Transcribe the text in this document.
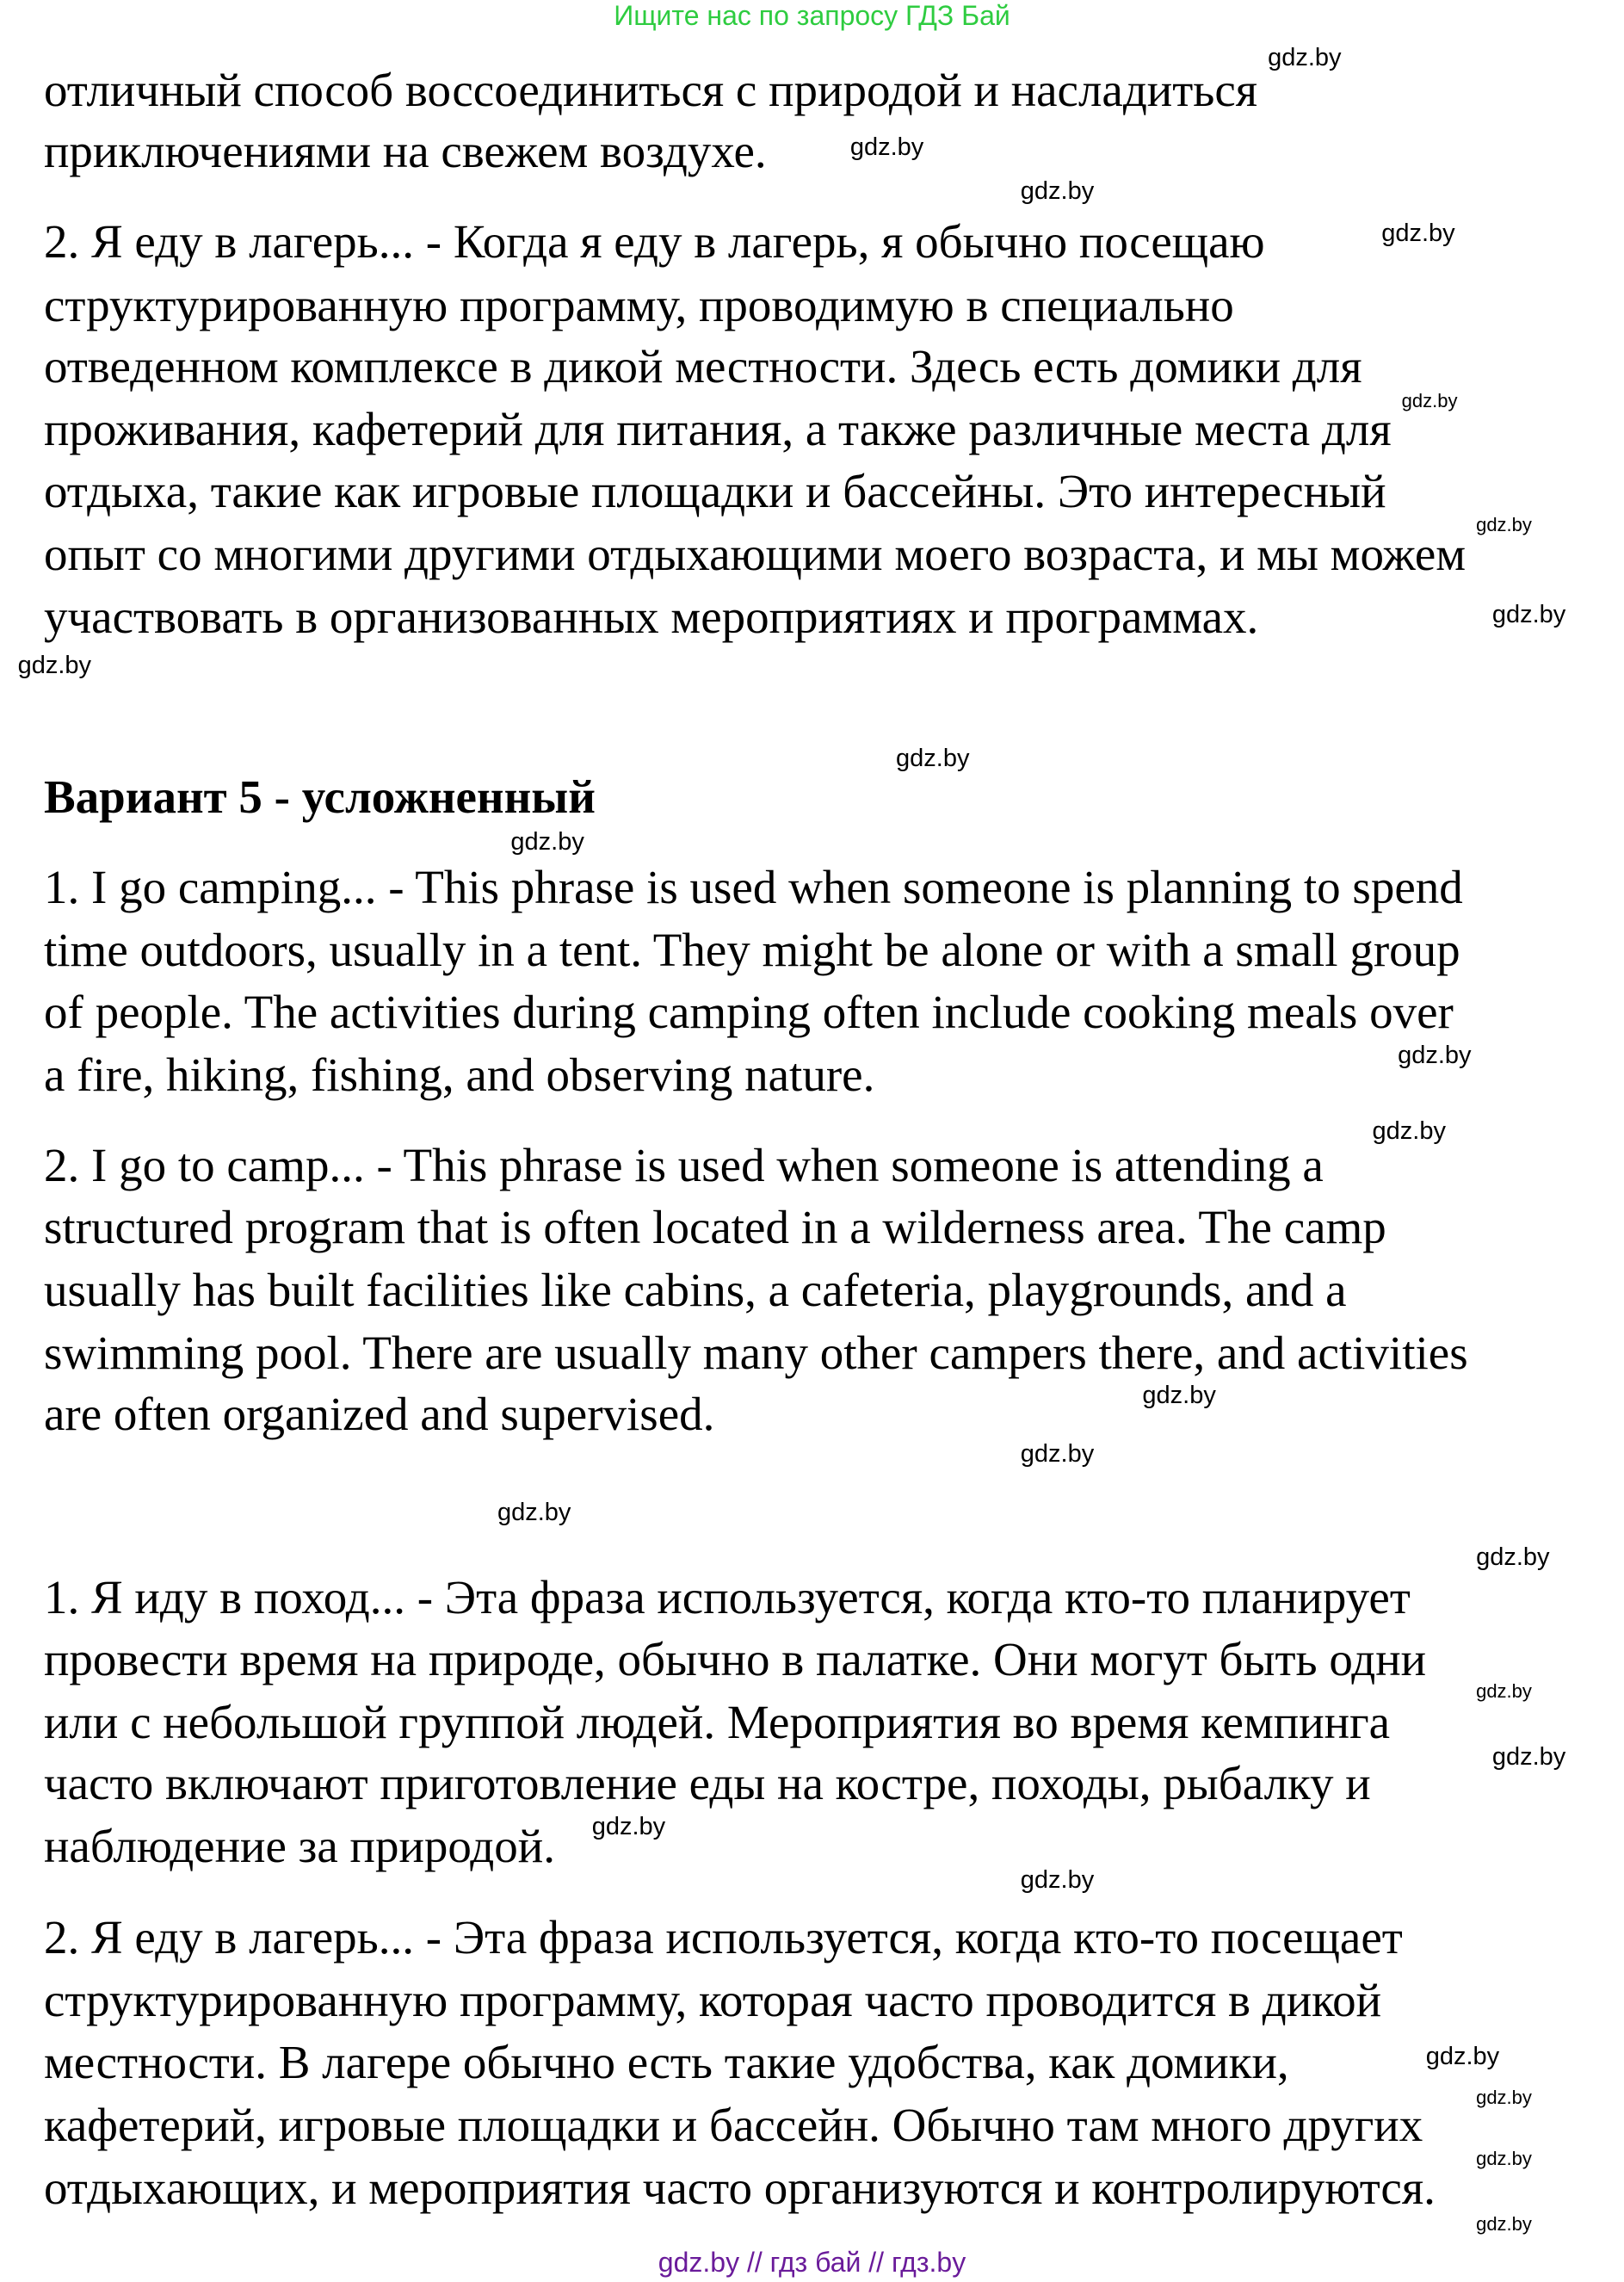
Ищите нас по запросу ГДЗ Бай
отличный способ воссоединиться с природой и насладиться
приключениями на свежем воздухе.
2. Я еду в лагерь... - Когда я еду в лагерь, я обычно посещаю
структурированную программу, проводимую в специально
отведенном комплексе в дикой местности. Здесь есть домики для
проживания, кафетерий для питания, а также различные места для
отдыха, такие как игровые площадки и бассейны. Это интересный
опыт со многими другими отдыхающими моего возраста, и мы можем
участвовать в организованных мероприятиях и программах.
1. I go camping... - This phrase is used when someone is planning to spend
time outdoors, usually in a tent. They might be alone or with a small group
of people. The activities during camping often include cooking meals over
a fire, hiking, fishing, and observing nature.
2. I go to camp... - This phrase is used when someone is attending a
structured program that is often located in a wilderness area. The camp
usually has built facilities like cabins, a cafeteria, playgrounds, and a
swimming pool. There are usually many other campers there, and activities
are often organized and supervised.
1. Я иду в поход... - Эта фраза используется, когда кто-то планирует
провести время на природе, обычно в палатке. Они могут быть одни
или с небольшой группой людей. Мероприятия во время кемпинга
часто включают приготовление еды на костре, походы, рыбалку и
наблюдение за природой.
2. Я еду в лагерь... - Эта фраза используется, когда кто-то посещает
структурированную программу, которая часто проводится в дикой
местности. В лагере обычно есть такие удобства, как домики,
кафетерий, игровые площадки и бассейн. Обычно там много других
отдыхающих, и мероприятия часто организуются и контролируются.
Вариант 5 - усложненный
gdz.by
gdz.by
gdz.by
gdz.by
gdz.by
gdz.by
gdz.by
gdz.by
gdz.by
gdz.by
gdz.by
gdz.by
gdz.by
gdz.by
gdz.by
gdz.by
gdz.by
gdz.by
gdz.by
gdz.by
gdz.by
gdz.by
gdz.by
gdz.by
gdz.by // гдз бай // гдз.by
